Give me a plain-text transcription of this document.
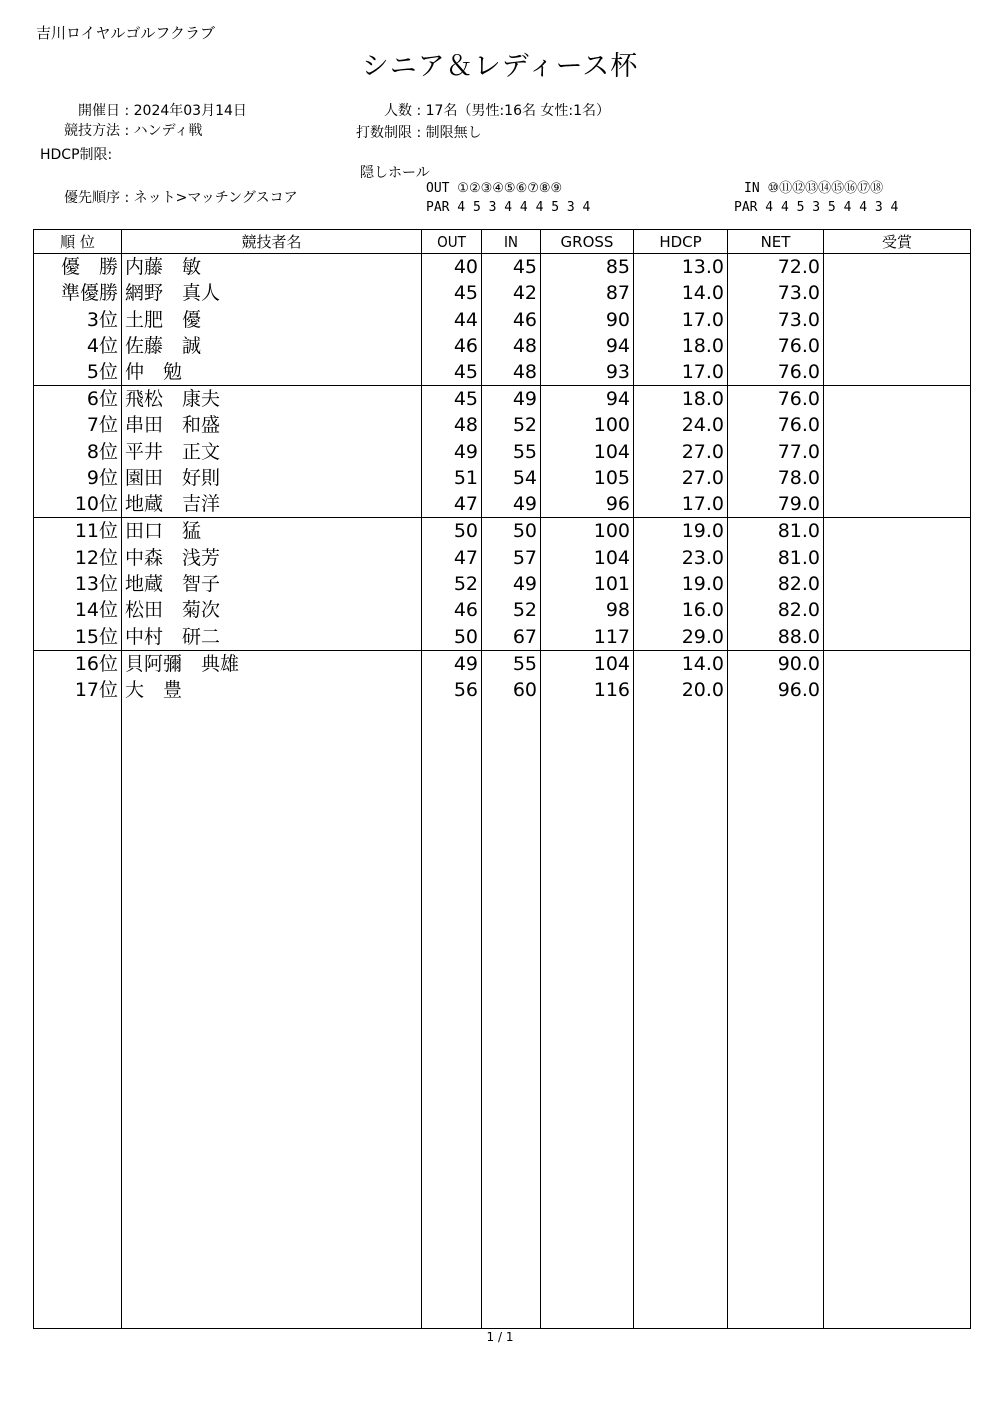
吉川ロイヤルゴルフクラブ
シニア＆レディース杯
開催日 : 2024年03月14日
競技方法 : ハンディ戦
HDCP制限:
優先順序 : ネット>マッチングスコア
人数 : 17名（男性:16名 女性:1名）
打数制限 : 制限無し
隠しホール
OUT ①②③④⑤⑥⑦⑧⑨
PAR 4 5 3 4 4 4 5 3 4
IN ⑩⑪⑫⑬⑭⑮⑯⑰⑱
PAR 4 4 5 3 5 4 4 3 4
順 位	競技者名	OUT	IN	GROSS	HDCP	NET	受賞
優　勝	内藤　敏	40	45	85	13.0	72.0	
準優勝	網野　真人	45	42	87	14.0	73.0	
3位	土肥　優	44	46	90	17.0	73.0	
4位	佐藤　誠	46	48	94	18.0	76.0	
5位	仲　勉	45	48	93	17.0	76.0	
6位	飛松　康夫	45	49	94	18.0	76.0	
7位	串田　和盛	48	52	100	24.0	76.0	
8位	平井　正文	49	55	104	27.0	77.0	
9位	園田　好則	51	54	105	27.0	78.0	
10位	地蔵　吉洋	47	49	96	17.0	79.0	
11位	田口　猛	50	50	100	19.0	81.0	
12位	中森　浅芳	47	57	104	23.0	81.0	
13位	地蔵　智子	52	49	101	19.0	82.0	
14位	松田　菊次	46	52	98	16.0	82.0	
15位	中村　研二	50	67	117	29.0	88.0	
16位	貝阿彌　典雄	49	55	104	14.0	90.0	
17位	大　豊	56	60	116	20.0	96.0	

1 / 1
